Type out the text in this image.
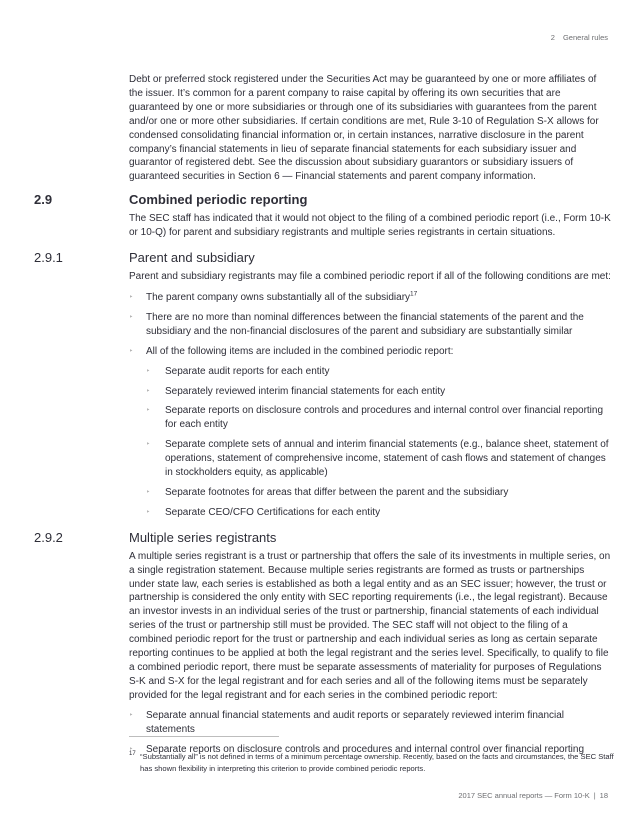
2 General rules

Debt or preferred stock registered under the Securities Act may be guaranteed by one or more affiliates of the issuer. It’s common for a parent company to raise capital by offering its own securities that are guaranteed by one or more subsidiaries or through one of its subsidiaries with guarantees from the parent and/or one or more other subsidiaries. If certain conditions are met, Rule 3-10 of Regulation S-X allows for condensed consolidating financial information or, in certain instances, narrative disclosure in the parent company’s financial statements in lieu of separate financial statements for each subsidiary issuer and guarantor of registered debt. See the discussion about subsidiary guarantors or subsidiary issuers of guaranteed securities in Section 6 — Financial statements and parent company information.

2.9	Combined periodic reporting

The SEC staff has indicated that it would not object to the filing of a combined periodic report (i.e., Form 10-K or 10-Q) for parent and subsidiary registrants and multiple series registrants in certain situations.

2.9.1	Parent and subsidiary

Parent and subsidiary registrants may file a combined periodic report if all of the following conditions are met:

‣ The parent company owns substantially all of the subsidiary$^{17}$
‣ There are no more than nominal differences between the financial statements of the parent and the subsidiary and the non-financial disclosures of the parent and subsidiary are substantially similar
‣ All of the following items are included in the combined periodic report:
‣ Separate audit reports for each entity
‣ Separately reviewed interim financial statements for each entity
‣ Separate reports on disclosure controls and procedures and internal control over financial reporting for each entity
‣ Separate complete sets of annual and interim financial statements (e.g., balance sheet, statement of operations, statement of comprehensive income, statement of cash flows and statement of changes in stockholders equity, as applicable)
‣ Separate footnotes for areas that differ between the parent and the subsidiary
‣ Separate CEO/CFO Certifications for each entity
2.9.2	Multiple series registrants

A multiple series registrant is a trust or partnership that offers the sale of its investments in multiple series, on a single registration statement. Because multiple series registrants are formed as trusts or partnerships under state law, each series is established as both a legal entity and as an SEC issuer; however, the trust or partnership is considered the only entity with SEC reporting requirements (i.e., the legal registrant). Because an investor invests in an individual series of the trust or partnership, financial statements of each individual series of the trust or partnership still must be provided. The SEC staff will not object to the filing of a combined periodic report for the trust or partnership and each individual series as long as certain separate reporting continues to be applied at both the legal registrant and the series level. Specifically, to qualify to file a combined periodic report, there must be separate assessments of materiality for purposes of Regulations S-K and S-X for the legal registrant and for each series and all of the following items must be separately provided for the legal registrant and for each series in the combined periodic report:

‣ Separate annual financial statements and audit reports or separately reviewed interim financial statements
‣ Separate reports on disclosure controls and procedures and internal control over financial reporting
17 “Substantially all” is not defined in terms of a minimum percentage ownership. Recently, based on the facts and circumstances, the SEC Staff has shown flexibility in interpreting this criterion to provide combined periodic reports.
2017 SEC annual reports — Form 10-K | 18
